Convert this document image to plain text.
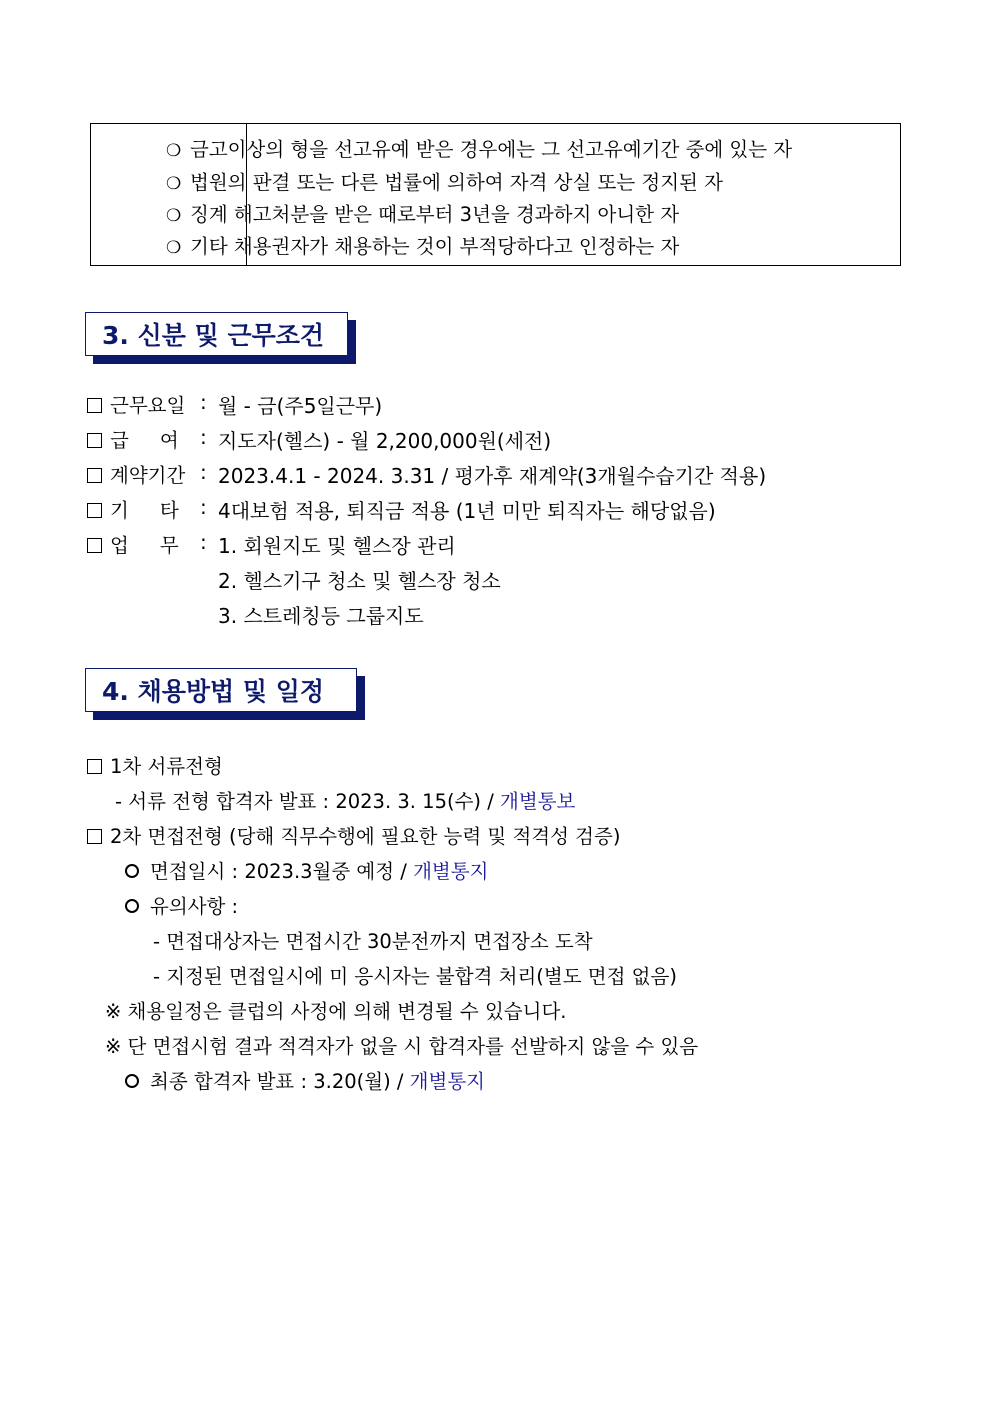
❍ 금고이상의 형을 선고유예 받은 경우에는 그 선고유예기간 중에 있는 자
❍ 법원의 판결 또는 다른 법률에 의하여 자격 상실 또는 정지된 자
❍ 징계 해고처분을 받은 때로부터 3년을 경과하지 아니한 자
❍ 기타 채용권자가 채용하는 것이 부적당하다고 인정하는 자
3. 신분 및 근무조건
근무요일 : 월 - 금(주5일근무)
급     여 : 지도자(헬스) - 월 2,200,000원(세전)
계약기간 : 2023.4.1 - 2024. 3.31 / 평가후 재계약(3개월수습기간 적용)
기     타 : 4대보험 적용, 퇴직금 적용 (1년 미만 퇴직자는 해당없음)
업     무 : 1. 회원지도 및 헬스장 관리
2. 헬스기구 청소 및 헬스장 청소
3. 스트레칭등 그룹지도
4. 채용방법 및 일정
1차 서류전형
- 서류 전형 합격자 발표 : 2023. 3. 15(수) / 개별통보
2차 면접전형 (당해 직무수행에 필요한 능력 및 적격성 검증)
면접일시 : 2023.3월중 예정 / 개별통지
유의사항 :
- 면접대상자는 면접시간 30분전까지 면접장소 도착
- 지정된 면접일시에 미 응시자는 불합격 처리(별도 면접 없음)
※ 채용일정은 클럽의 사정에 의해 변경될 수 있습니다.
※ 단 면접시험 결과 적격자가 없을 시 합격자를 선발하지 않을 수 있음
최종 합격자 발표 : 3.20(월) / 개별통지
